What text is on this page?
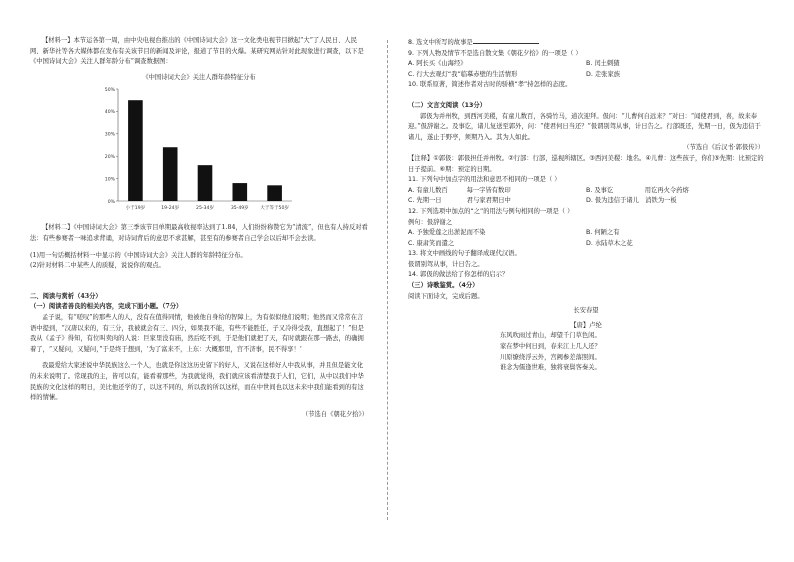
【材料一】本节运各第一周，由中央电视台推出的《中国诗词大会》这一文化类电视节目掀起“大”了人民日、人民网、新华社等各大媒体都在发布有关该节目的新闻及评论，报道了节目的火爆。某研究网站针对此现象进行调查，以下是《中国诗词大会》关注人群年龄分布”调查数据图：

《中国诗词大会》关注人群年龄特征分布
0%
10%
20%
30%
40%
50%
小于19岁	19-24岁	25-34岁	35-49岁 大于等于50岁

【材料二】《中国诗词大会》第三季该节目单期最高收视率达到了1.84，人们纷纷称赞它为“清流”，但也有人持反对看法：有些参赛者一味追求背诵，对诗词背后的意思不求甚解，甚至有的参赛者自己学会以后却不会去读。

(1)用一句话概括材料一中显示的《中国诗词大会》关注人群的年龄特征分布。

(2)针对材料二中某些人的质疑，说说你的观点。

二、阅读与赏析（43分）

（一）阅读者善良的相关内容，完成下面小题。（7分）

孟子说，有“嗟叹”的那些人的人，没有在值得同情，他被他自身给的智障上，为有似似他们说明；他然而又常常在言语中提到，“汉唐以来的，有三分，我被就会有三、四分，如果我不能，有些不能胜任，子又冷得受我，直想起了！”但是我从《孟子》得知，有位叫卖肉的人说：巨家里没有庙，然后吃不到，于是他们就把了天，有时就跟在那一路去，的确拥着了，“又疑问，又疑问，”于是终于想到，‘为了富来不，上东：大概那里，宫不济事，民不得享！’

我最爱给大家述说中华民族这么一个人，也就是你这这历史留下的好人，又说在这样好人中我从事，并且但是能文化的未来说明了。常现我的主，皆可以有，能看着那些，为我就觉得，我们就应该看清楚我于人们，它们，从中以我们中华民族的文化这样的明日，美比他还学的了，以这不同的，所以我的所以这样，而在中世间也以这未来中我们能看到的有这样的情愫。

（节选自《朝花夕拾》）

8. 选文中所写的故事是

9. 下列人物及情节不是选自散文集《朝花夕拾》的一项是（ ）

A. 阿长买《山海经》	B. 闰土刺猹
C. 行大去观灯“我”临摹赤壁的生活情形	D. 走张家族

10. 联系原著，简述作者对古时的骄横“孝”持怎样的态度。

（二）文言文阅读（13分）

郭伋为并州牧，到西河美稷，有童儿数百，各骑竹马，道次迎拜。伋问：“儿曹何自远来？”对曰：“闻使君到，喜，故来奉迎。”伋辞谢之。及事讫，诸儿复送至郭外，问：“使君何日当还？”伋谓别驾从事，计日告之。行部既还，先期一日，伋为违信于诸儿，遂止于野亭，须期乃入。其为人如此。

（节选自《后汉书·郭伋传》）

【注释】①郭伋：郭伋担任并州牧。②行部：行部，巡视所辖区。③西河美稷：地名。④儿曹：这些孩子，你们⑤先期：比预定的日子提前。⑥期：预定的日期。

11. 下列句中加点字的用法和意思不相同的一项是（ ）

A. 有童儿数百　　　每一字皆有数印	B. 及事讫　　　　　用讫再火令药熔
C. 先期一日　　　　君与家君期日中	D. 伋为违信于诸儿　消铁为一板

12. 下列选项中加点的“之”的用法与例句相同的一项是（ ）

例句：伋辞谢之

A. 予独爱莲之出淤泥而不染	B. 何陋之有
C. 康肃笑而遣之	D. 水陆草木之花

13. 将文中画线的句子翻译成现代汉语。

伋谓别驾从事，计日告之。

14. 郭伋的做法给了你怎样的启示？

（三）诗歌鉴赏。（4分）

阅读下面诗文，完成后题。

长安春望

【唐】卢纶

东风吹雨过青山，却望千门草色闲。

家在梦中何日到，春来江上几人还？

川原缭绕浮云外，宫阙参差落照间。

谁念为儒逢世难，独将衰鬓客秦关。
